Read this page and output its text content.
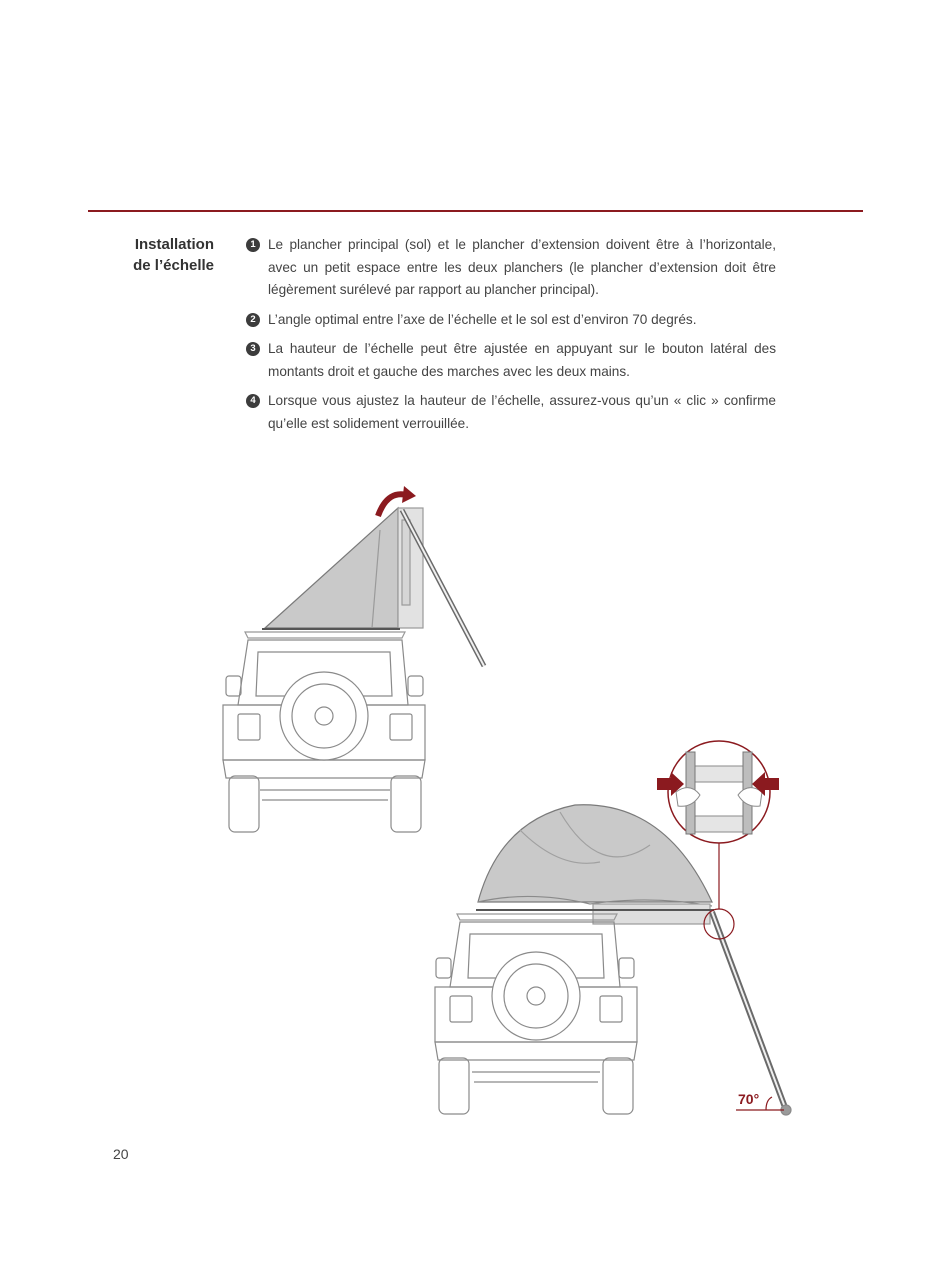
Installation
de l’échelle
1 Le plancher principal (sol) et le plancher d’extension doivent être à l’horizontale, avec un petit espace entre les deux planchers (le plancher d’extension doit être légèrement surélevé par rapport au plancher principal).
2 L’angle optimal entre l’axe de l’échelle et le sol est d’environ 70 degrés.
3 La hauteur de l’échelle peut être ajustée en appuyant sur le bouton latéral des montants droit et gauche des marches avec les deux mains.
4 Lorsque vous ajustez la hauteur de l’échelle, assurez-vous qu’un « clic » confirme qu’elle est solidement verrouillée.
70°
20
